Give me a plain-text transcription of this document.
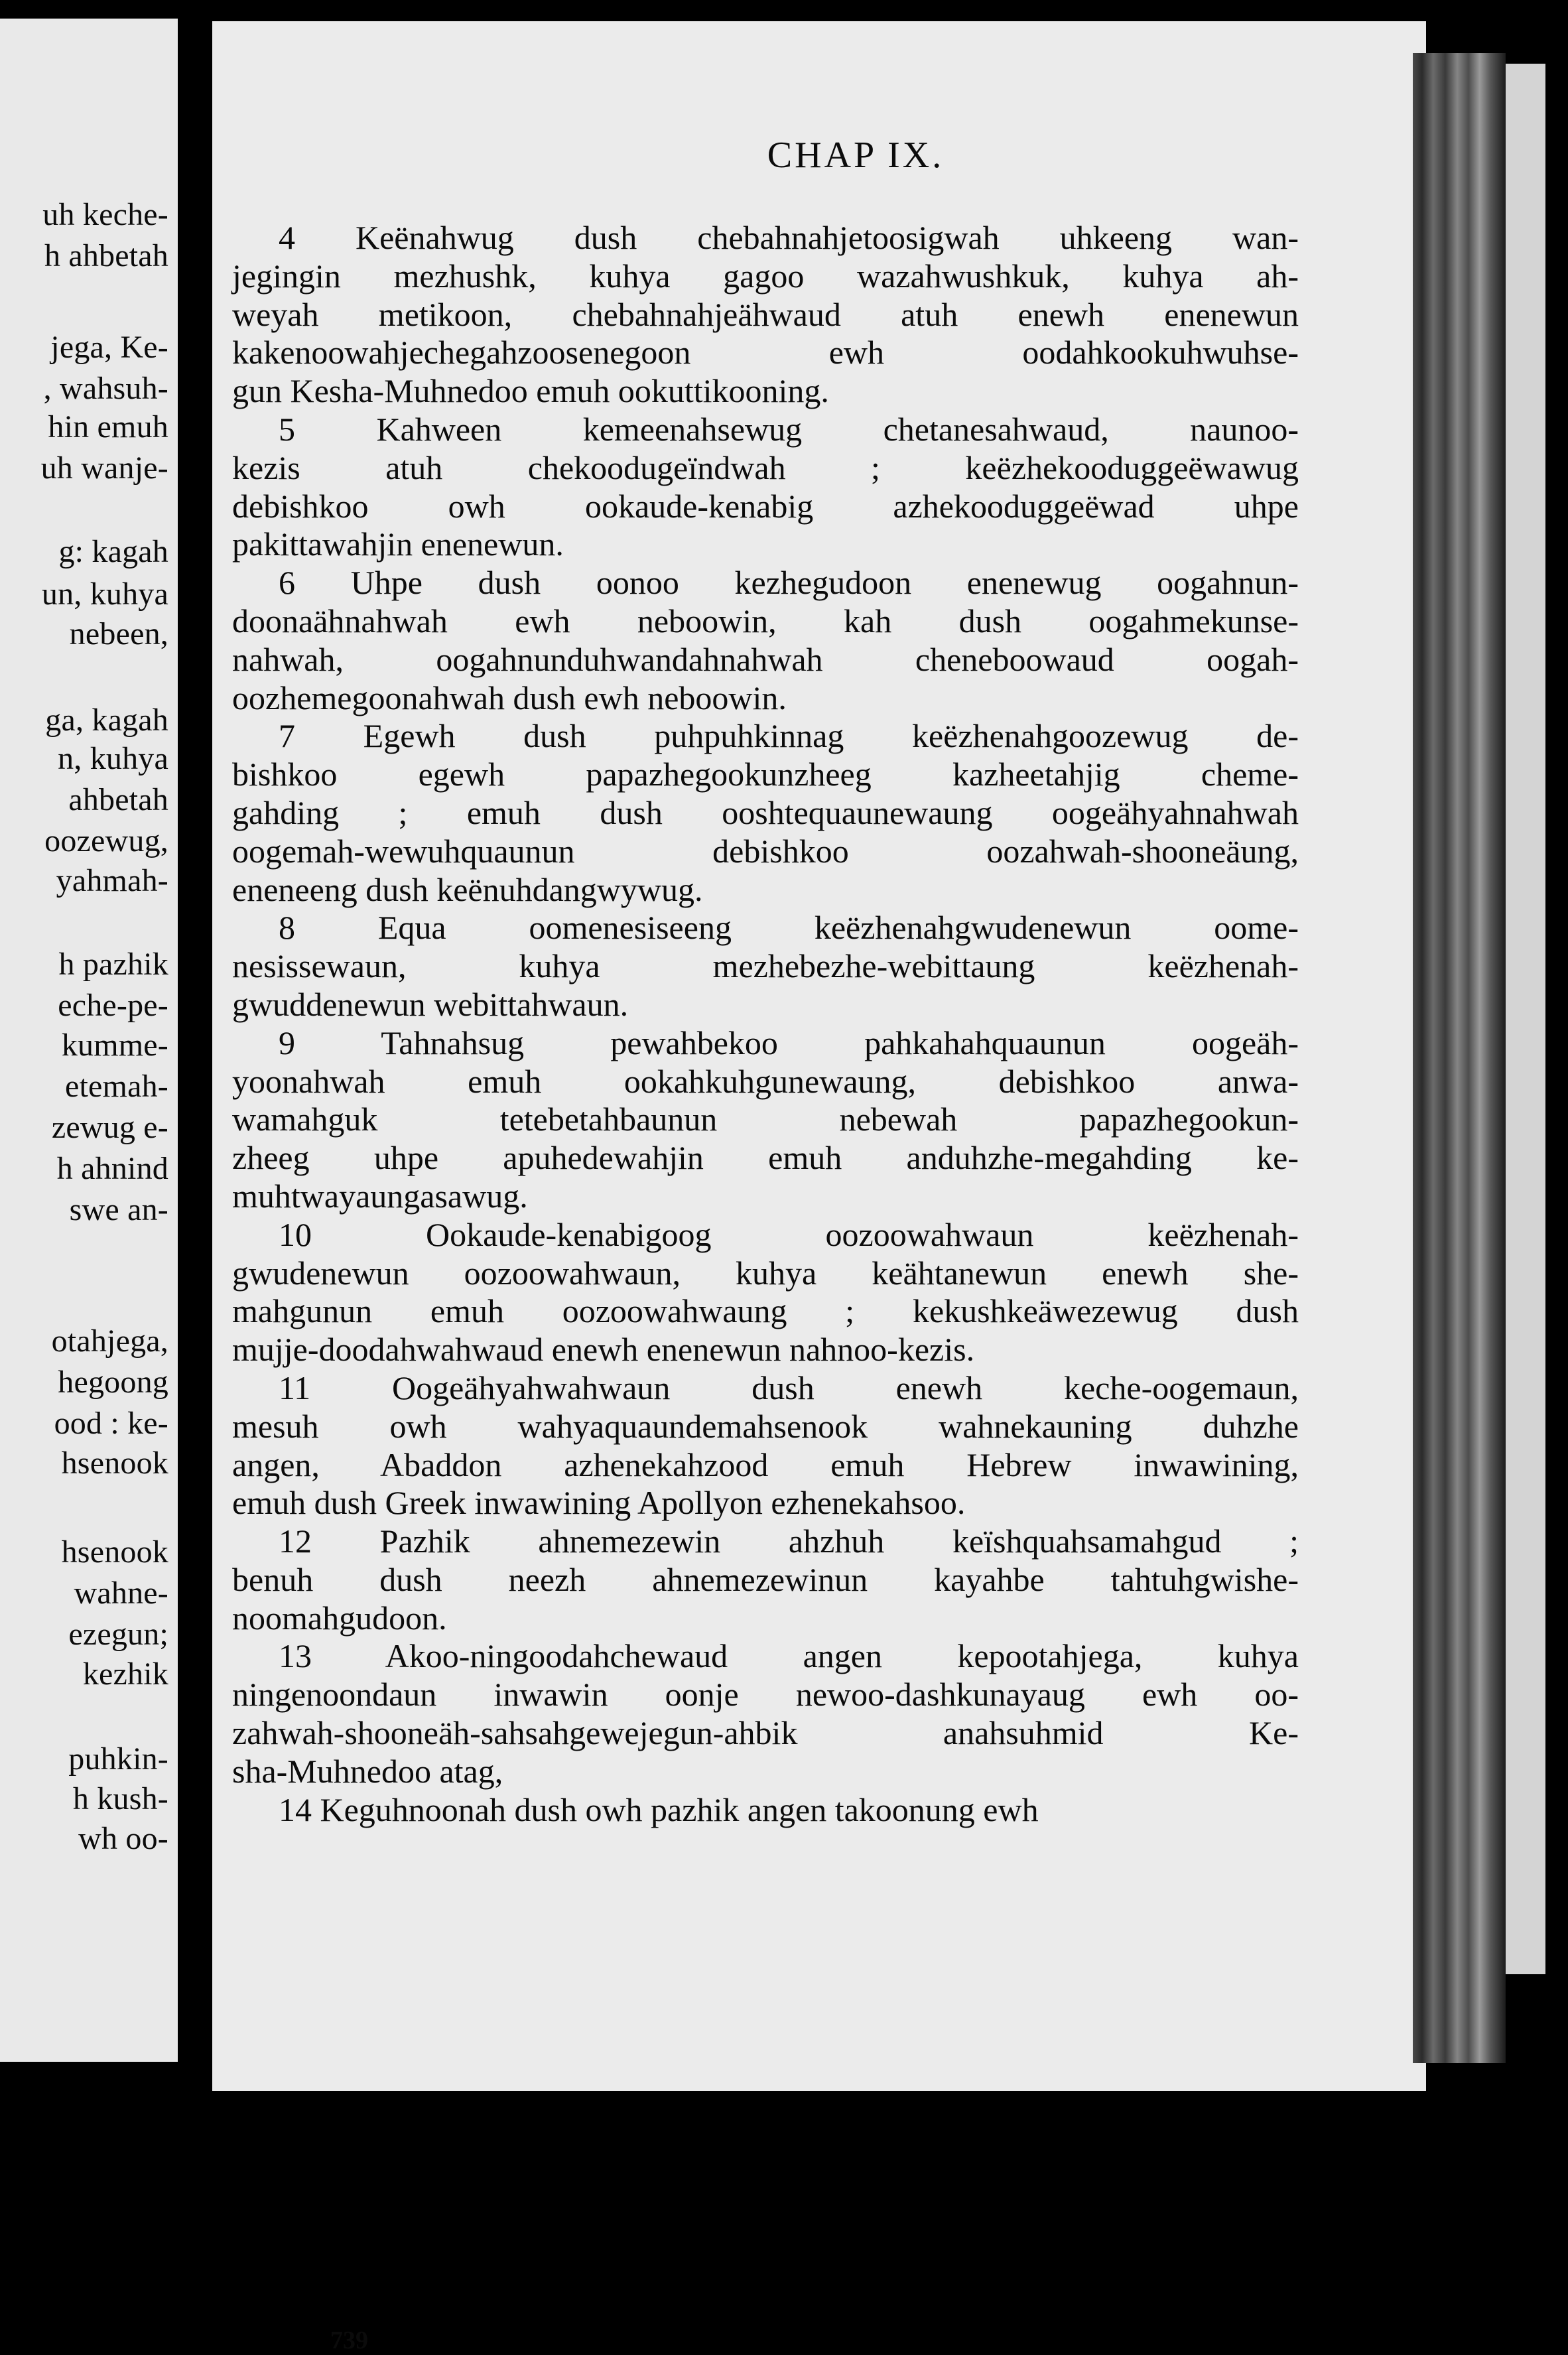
uh keche-
h ahbetah
jega, Ke-
, wahsuh-
hin emuh
uh wanje-
g: kagah
un, kuhya
nebeen,
ga, kagah
n, kuhya
ahbetah
oozewug,
yahmah-
h pazhik
eche-pe-
kumme-
etemah-
zewug e-
h ahnind
swe an-
otahjega,
hegoong
ood : ke-
hsenook
hsenook
wahne-
ezegun;
kezhik
puhkin-
h kush-
wh oo-
CHAP IX.
4 Keënahwug dush chebahnahjetoosigwah uhkeeng wan-
jegingin mezhushk, kuhya gagoo wazahwushkuk, kuhya ah-
weyah metikoon, chebahnahjeähwaud atuh enewh enenewun
kakenoowahjechegahzoosenegoon ewh oodahkookuhwuhse-
gun Kesha-Muhnedoo emuh ookuttikooning.
5 Kahween kemeenahsewug chetanesahwaud, naunoo-
kezis atuh chekoodugeïndwah ; keëzhekooduggeëwawug
debishkoo owh ookaude-kenabig azhekooduggeëwad uhpe
pakittawahjin enenewun.
6 Uhpe dush oonoo kezhegudoon enenewug oogahnun-
doonaähnahwah ewh neboowin, kah dush oogahmekunse-
nahwah, oogahnunduhwandahnahwah cheneboowaud oogah-
oozhemegoonahwah dush ewh neboowin.
7 Egewh dush puhpuhkinnag keëzhenahgoozewug de-
bishkoo egewh papazhegookunzheeg kazheetahjig cheme-
gahding ; emuh dush ooshtequaunewaung oogeähyahnahwah
oogemah-wewuhquaunun debishkoo oozahwah-shooneäung,
eneneeng dush keënuhdangwywug.
8 Equa oomenesiseeng keëzhenahgwudenewun oome-
nesissewaun, kuhya mezhebezhe-webittaung keëzhenah-
gwuddenewun webittahwaun.
9 Tahnahsug pewahbekoo pahkahahquaunun oogeäh-
yoonahwah emuh ookahkuhgunewaung, debishkoo anwa-
wamahguk tetebetahbaunun nebewah papazhegookun-
zheeg uhpe apuhedewahjin emuh anduhzhe-megahding ke-
muhtwayaungasawug.
10 Ookaude-kenabigoog oozoowahwaun keëzhenah-
gwudenewun oozoowahwaun, kuhya keähtanewun enewh she-
mahgunun emuh oozoowahwaung ; kekushkeäwezewug dush
mujje-doodahwahwaud enewh enenewun nahnoo-kezis.
11 Oogeähyahwahwaun dush enewh keche-oogemaun,
mesuh owh wahyaquaundemahsenook wahnekauning duhzhe
angen, Abaddon azhenekahzood emuh Hebrew inwawining,
emuh dush Greek inwawining Apollyon ezhenekahsoo.
12 Pazhik ahnemezewin ahzhuh keïshquahsamahgud ;
benuh dush neezh ahnemezewinun kayahbe tahtuhgwishe-
noomahgudoon.
13 Akoo-ningoodahchewaud angen kepootahjega, kuhya
ningenoondaun inwawin oonje newoo-dashkunayaug ewh oo-
zahwah-shooneäh-sahsahgewejegun-ahbik anahsuhmid Ke-
sha-Muhnedoo atag,
14 Keguhnoonah dush owh pazhik angen takoonung ewh
739
